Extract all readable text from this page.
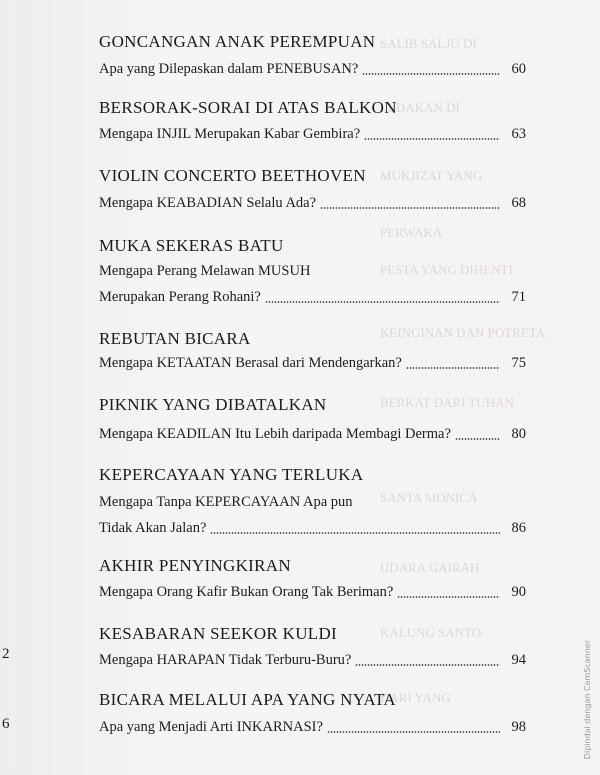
SALIB SALJU DI
LEDAKAN DI
MUKJIZAT YANG
PERWAKA
PESTA YANG DIHENTI
KEINGINAN DAN POTRETA
BERKAT DARI TUHAN
SANTA MONICA
UDARA GAIRAH
KALUNG SANTO
DARI YANG
GONCANGAN ANAK PEREMPUAN
Apa yang Dilepaskan dalam PENEBUSAN?	60
BERSORAK-SORAI DI ATAS BALKON
Mengapa INJIL Merupakan Kabar Gembira?	63
VIOLIN CONCERTO BEETHOVEN
Mengapa KEABADIAN Selalu Ada?	68
MUKA SEKERAS BATU
Mengapa Perang Melawan MUSUH
Merupakan Perang Rohani?	71
REBUTAN BICARA
Mengapa KETAATAN Berasal dari Mendengarkan?	75
PIKNIK YANG DIBATALKAN
Mengapa KEADILAN Itu Lebih daripada Membagi Derma?	80
KEPERCAYAAN YANG TERLUKA
Mengapa Tanpa KEPERCAYAAN Apa pun
Tidak Akan Jalan?	86
AKHIR PENYINGKIRAN
Mengapa Orang Kafir Bukan Orang Tak Beriman?	90
KESABARAN SEEKOR KULDI
Mengapa HARAPAN Tidak Terburu-Buru?	94
BICARA MELALUI APA YANG NYATA
Apa yang Menjadi Arti INKARNASI?	98
2
6	Dipindai dengan CamScanner
